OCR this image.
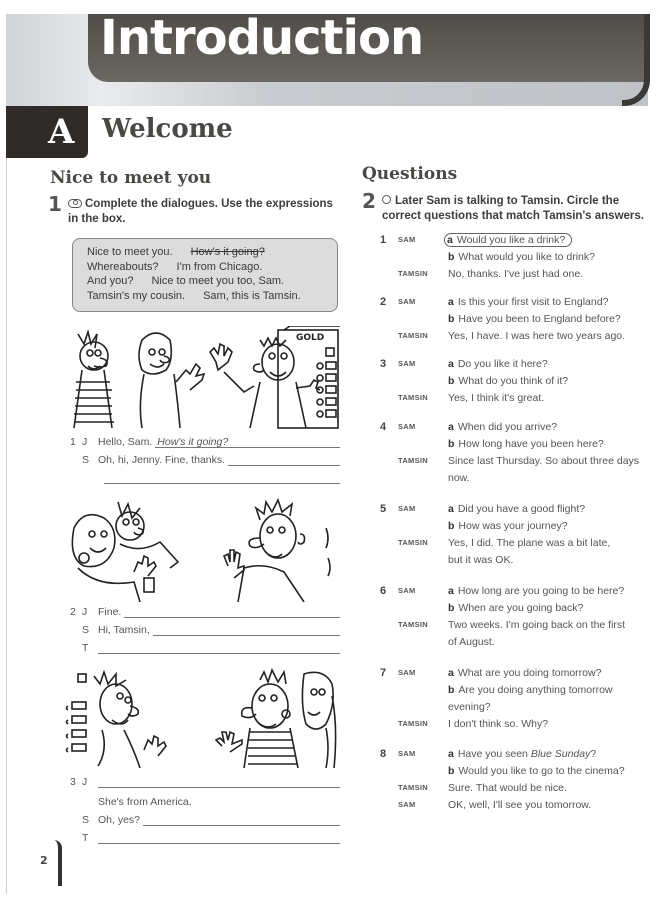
Introduction
A Welcome
Nice to meet you
1	Complete the dialogues. Use the expressions
in the box.
Nice to meet you. How's it going?
Whereabouts? I'm from Chicago.
And you? Nice to meet you too, Sam.
Tamsin's my cousin. Sam, this is Tamsin.
GOLD
1 J	Hello, Sam. How's it going?
S Oh, hi, Jenny. Fine, thanks.
2 J	Fine.
S Hi, Tamsin,
T
3 J
She's from America.
S Oh, yes?
T
Questions
2	Later Sam is talking to Tamsin. Circle the
correct questions that match Tamsin's answers.
1	SAM	a Would you like a drink?
b What would you like to drink?
TAMSIN	No, thanks. I've just had one.
2	SAM	a Is this your first visit to England?
b Have you been to England before?
TAMSIN	Yes, I have. I was here two years ago.
3	SAM	a Do you like it here?
b What do you think of it?
TAMSIN	Yes, I think it's great.
4	SAM	a When did you arrive?
b How long have you been here?
TAMSIN	Since last Thursday. So about three days
now.
5	SAM	a Did you have a good flight?
b How was your journey?
TAMSIN	Yes, I did. The plane was a bit late,
but it was OK.
6	SAM	a How long are you going to be here?
b When are you going back?
TAMSIN	Two weeks. I'm going back on the first
of August.
7	SAM	a What are you doing tomorrow?
b Are you doing anything tomorrow
evening?
TAMSIN	I don't think so. Why?
8	SAM	a Have you seen Blue Sunday?
b Would you like to go to the cinema?
TAMSIN	Sure. That would be nice.
SAM	OK, well, I'll see you tomorrow.
2
